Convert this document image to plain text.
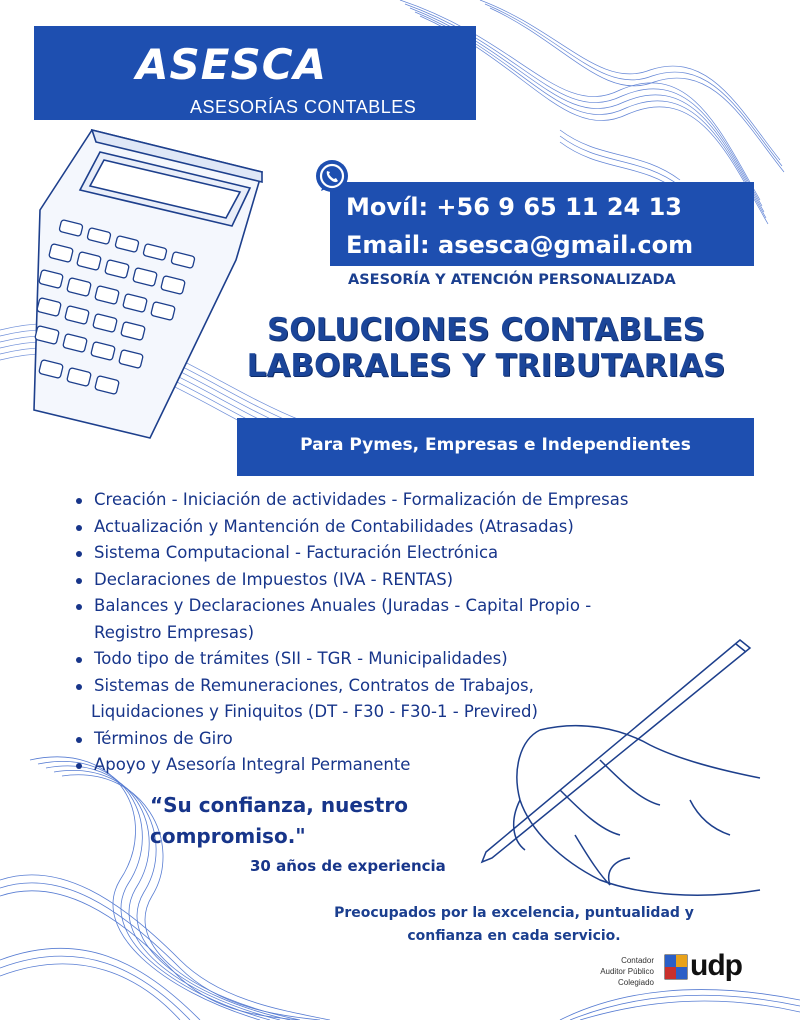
ASESCA
ASESORÍAS CONTABLES
Movíl: +56 9 65 11 24 13
Email: asesca@gmail.com
ASESORÍA Y ATENCIÓN PERSONALIZADA
SOLUCIONES CONTABLES
LABORALES Y TRIBUTARIAS
Para Pymes, Empresas e Independientes
Creación - Iniciación de actividades - Formalización de Empresas
Actualización y Mantención de Contabilidades (Atrasadas)
Sistema Computacional - Facturación Electrónica
Declaraciones de Impuestos (IVA - RENTAS)
Balances y Declaraciones Anuales (Juradas - Capital Propio -
Registro Empresas)
Todo tipo de trámites (SII - TGR - Municipalidades)
Sistemas de Remuneraciones, Contratos de Trabajos,
Liquidaciones y Finiquitos (DT - F30 - F30-1 - Previred)
Términos de Giro
Apoyo y Asesoría Integral Permanente
“Su confianza, nuestro
compromiso."
30 años de experiencia
Preocupados por la excelencia, puntualidad y
confianza en cada servicio.
Contador
Auditor Público
Colegiado
udp
